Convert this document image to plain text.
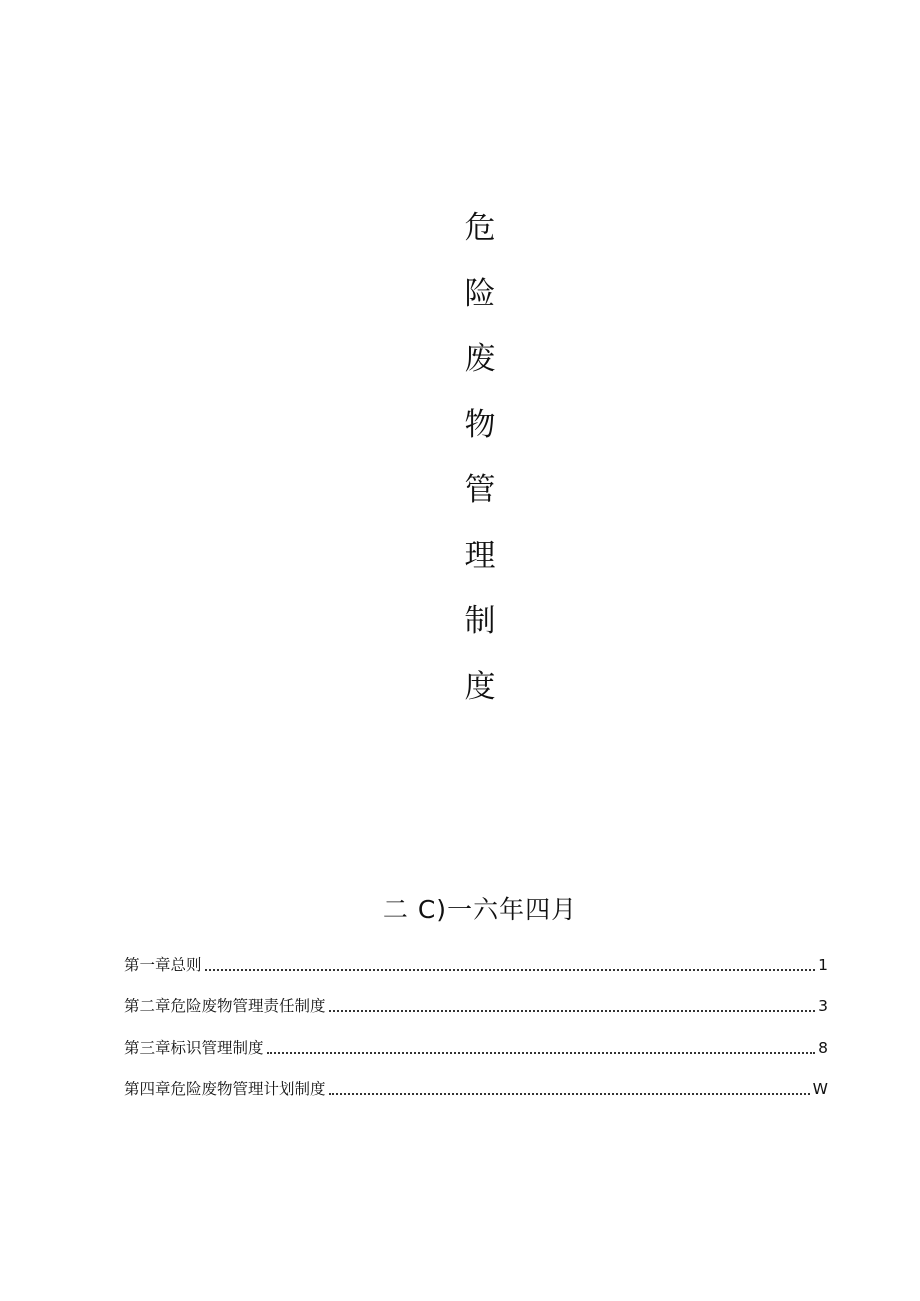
危
险
废
物
管
理
制
度
二 C)一六年四月
第一章总则	1
第二章危险废物管理责任制度	3
第三章标识管理制度	8
第四章危险废物管理计划制度	W
